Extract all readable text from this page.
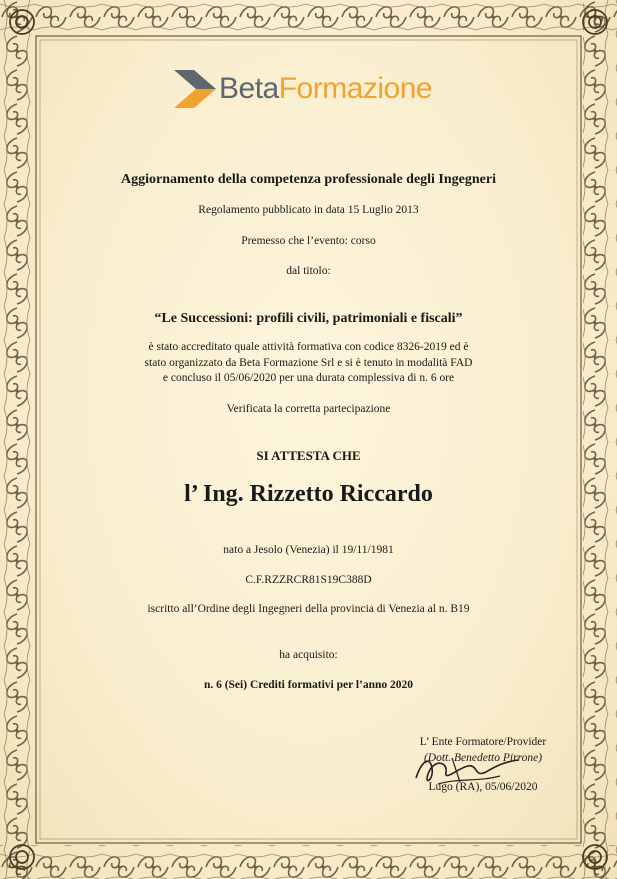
BetaFormazione
Aggiornamento della competenza professionale degli Ingegneri
Regolamento pubblicato in data 15 Luglio 2013
Premesso che l’evento: corso
dal titolo:
“Le Successioni: profili civili, patrimoniali e fiscali”
è stato accreditato quale attività formativa con codice 8326-2019 ed è
stato organizzato da Beta Formazione Srl e si è tenuto in modalità FAD
e concluso il 05/06/2020 per una durata complessiva di n. 6 ore
Verificata la corretta partecipazione
SI ATTESTA CHE
l’ Ing. Rizzetto Riccardo
nato a Jesolo (Venezia) il 19/11/1981
C.F.RZZRCR81S19C388D
iscritto all’Ordine degli Ingegneri della provincia di Venezia al n. B19
ha acquisito:
n. 6 (Sei) Crediti formativi per l’anno 2020
L’ Ente Formatore/Provider
(Dott. Benedetto Pirrone)
Lugo (RA), 05/06/2020
